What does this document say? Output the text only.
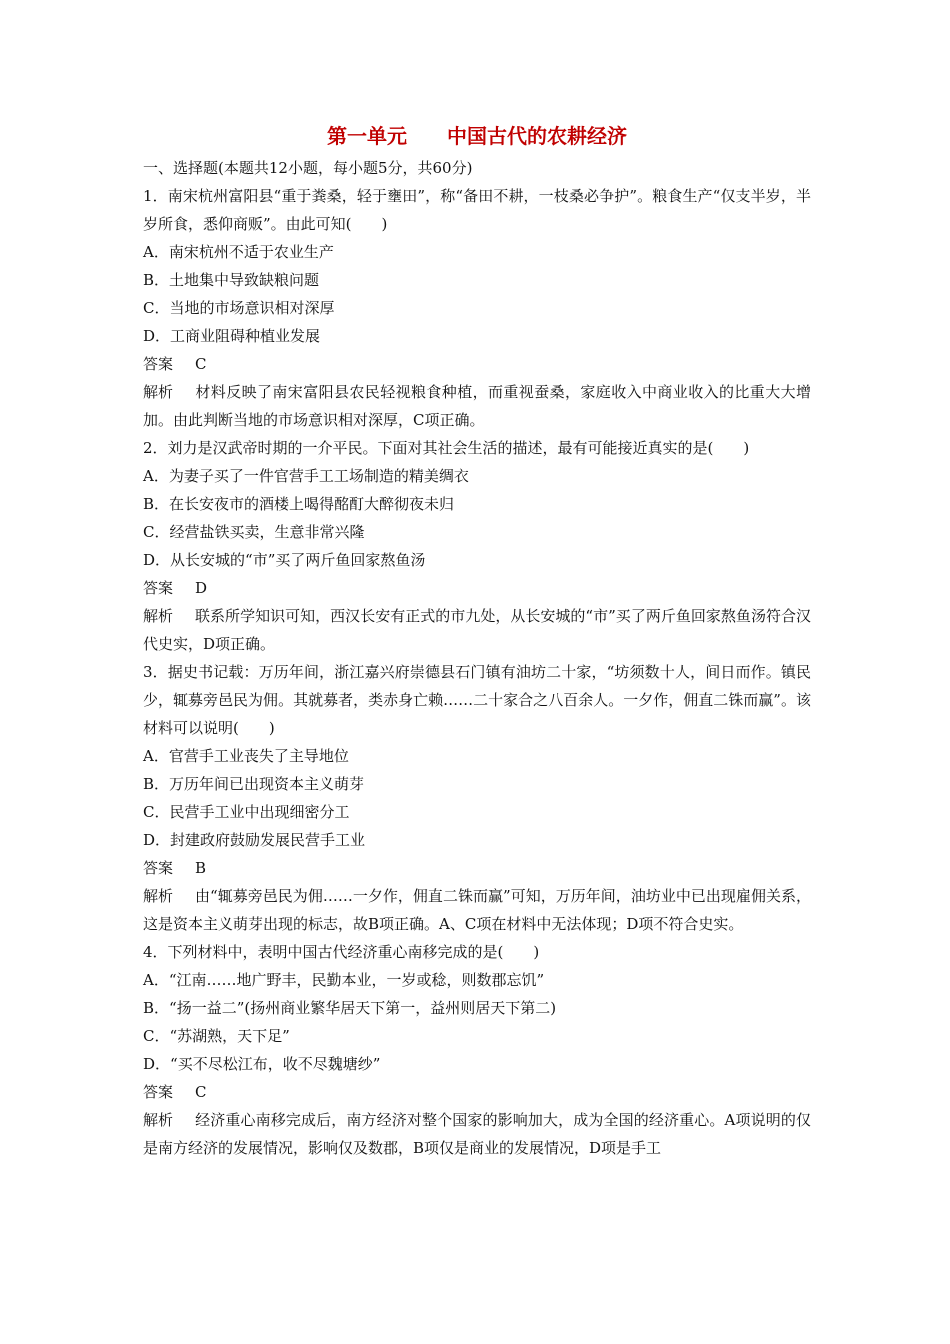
第一单元　　中国古代的农耕经济

一、选择题(本题共12小题，每小题5分，共60分)

1．南宋杭州富阳县“重于粪桑，轻于壅田”，称“备田不耕，一枝桑必争护”。粮食生产“仅支半岁，半岁所食，悉仰商贩”。由此可知(　　)

A．南宋杭州不适于农业生产

B．土地集中导致缺粮问题

C．当地的市场意识相对深厚

D．工商业阻碍种植业发展

答案 C

解析 材料反映了南宋富阳县农民轻视粮食种植，而重视蚕桑，家庭收入中商业收入的比重大大增加。由此判断当地的市场意识相对深厚，C项正确。

2．刘力是汉武帝时期的一介平民。下面对其社会生活的描述，最有可能接近真实的是(　　)

A．为妻子买了一件官营手工工场制造的精美绸衣

B．在长安夜市的酒楼上喝得酩酊大醉彻夜未归

C．经营盐铁买卖，生意非常兴隆

D．从长安城的“市”买了两斤鱼回家熬鱼汤

答案 D

解析 联系所学知识可知，西汉长安有正式的市九处，从长安城的“市”买了两斤鱼回家熬鱼汤符合汉代史实，D项正确。

3．据史书记载：万历年间，浙江嘉兴府崇德县石门镇有油坊二十家，“坊须数十人，间日而作。镇民少，辄募旁邑民为佣。其就募者，类赤身亡赖……二十家合之八百余人。一夕作，佣直二铢而赢”。该材料可以说明(　　)

A．官营手工业丧失了主导地位

B．万历年间已出现资本主义萌芽

C．民营手工业中出现细密分工

D．封建政府鼓励发展民营手工业

答案 B

解析 由“辄募旁邑民为佣……一夕作，佣直二铢而赢”可知，万历年间，油坊业中已出现雇佣关系，这是资本主义萌芽出现的标志，故B项正确。A、C项在材料中无法体现；D项不符合史实。

4．下列材料中，表明中国古代经济重心南移完成的是(　　)

A．“江南……地广野丰，民勤本业，一岁或稔，则数郡忘饥”

B．“扬一益二”(扬州商业繁华居天下第一，益州则居天下第二)

C．“苏湖熟，天下足”

D．“买不尽松江布，收不尽魏塘纱”

答案 C

解析 经济重心南移完成后，南方经济对整个国家的影响加大，成为全国的经济重心。A项说明的仅是南方经济的发展情况，影响仅及数郡，B项仅是商业的发展情况，D项是手工
